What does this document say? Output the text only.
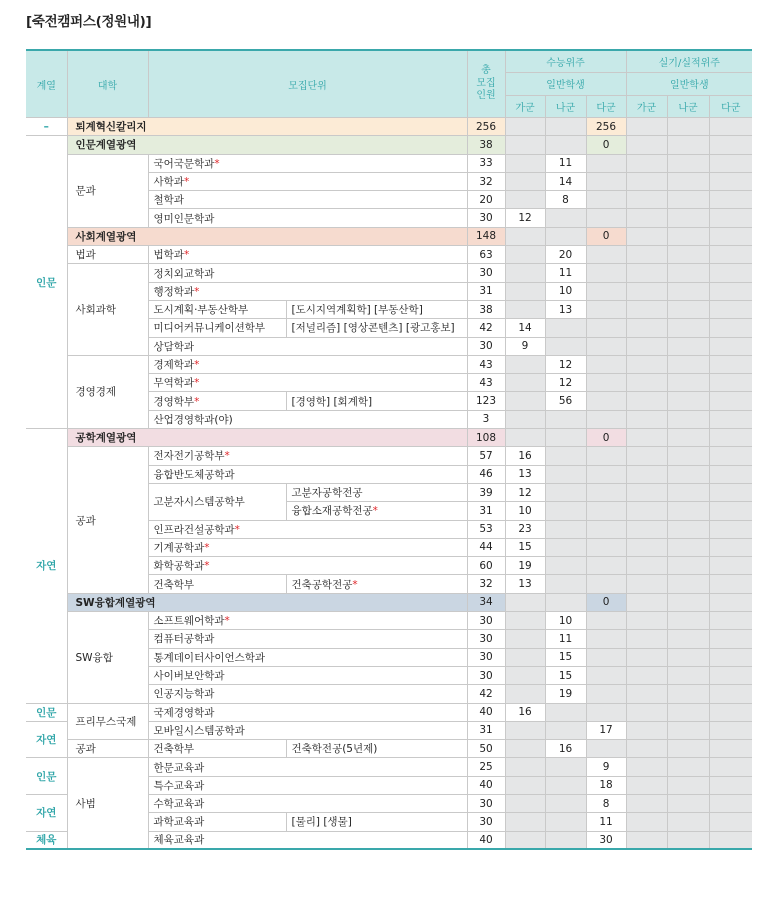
[죽전캠퍼스(정원내)]
계열	대학	모집단위		총
모집
인원	수능위주			실기/실적위주		
					일반학생			일반학생		
					가군	나군	다군	가군	나군	다군
–	퇴계혁신칼리지			256			256			
인문	인문계열광역			38			0			
	문과	국어국문학과*		33		11				
		사학과*		32		14				
		철학과		20		8				
		영미인문학과		30	12					
	사회계열광역			148			0			
	법과	법학과*		63		20				
	사회과학	정치외교학과		30		11				
		행정학과*		31		10				
		도시계획·부동산학부	[도시지역계획학] [부동산학]	38		13				
		미디어커뮤니케이션학부	[저널리즘] [영상콘텐츠] [광고홍보]	42	14					
		상담학과		30	9					
	경영경제	경제학과*		43		12				
		무역학과*		43		12				
		경영학부*	[경영학] [회계학]	123		56				
		산업경영학과(야)		3						
자연	공학계열광역			108			0			
	공과	전자전기공학부*		57	16					
		융합반도체공학과		46	13					
		고분자시스템공학부	고분자공학전공	39	12					
			융합소재공학전공*	31	10					
		인프라건설공학과*		53	23					
		기계공학과*		44	15					
		화학공학과*		60	19					
		건축학부	건축공학전공*	32	13					
	SW융합계열광역			34			0			
	SW융합	소프트웨어학과*		30		10				
		컴퓨터공학과		30		11				
		통계데이터사이언스학과		30		15				
		사이버보안학과		30		15				
		인공지능학과		42		19				
인문	프리무스국제	국제경영학과		40	16					
자연		모바일시스템공학과		31			17			
	공과	건축학부	건축학전공(5년제)	50		16				
인문	사범	한문교육과		25			9			
		특수교육과		40			18			
자연		수학교육과		30			8			
		과학교육과	[물리] [생물]	30			11			
체육		체육교육과		40			30			
